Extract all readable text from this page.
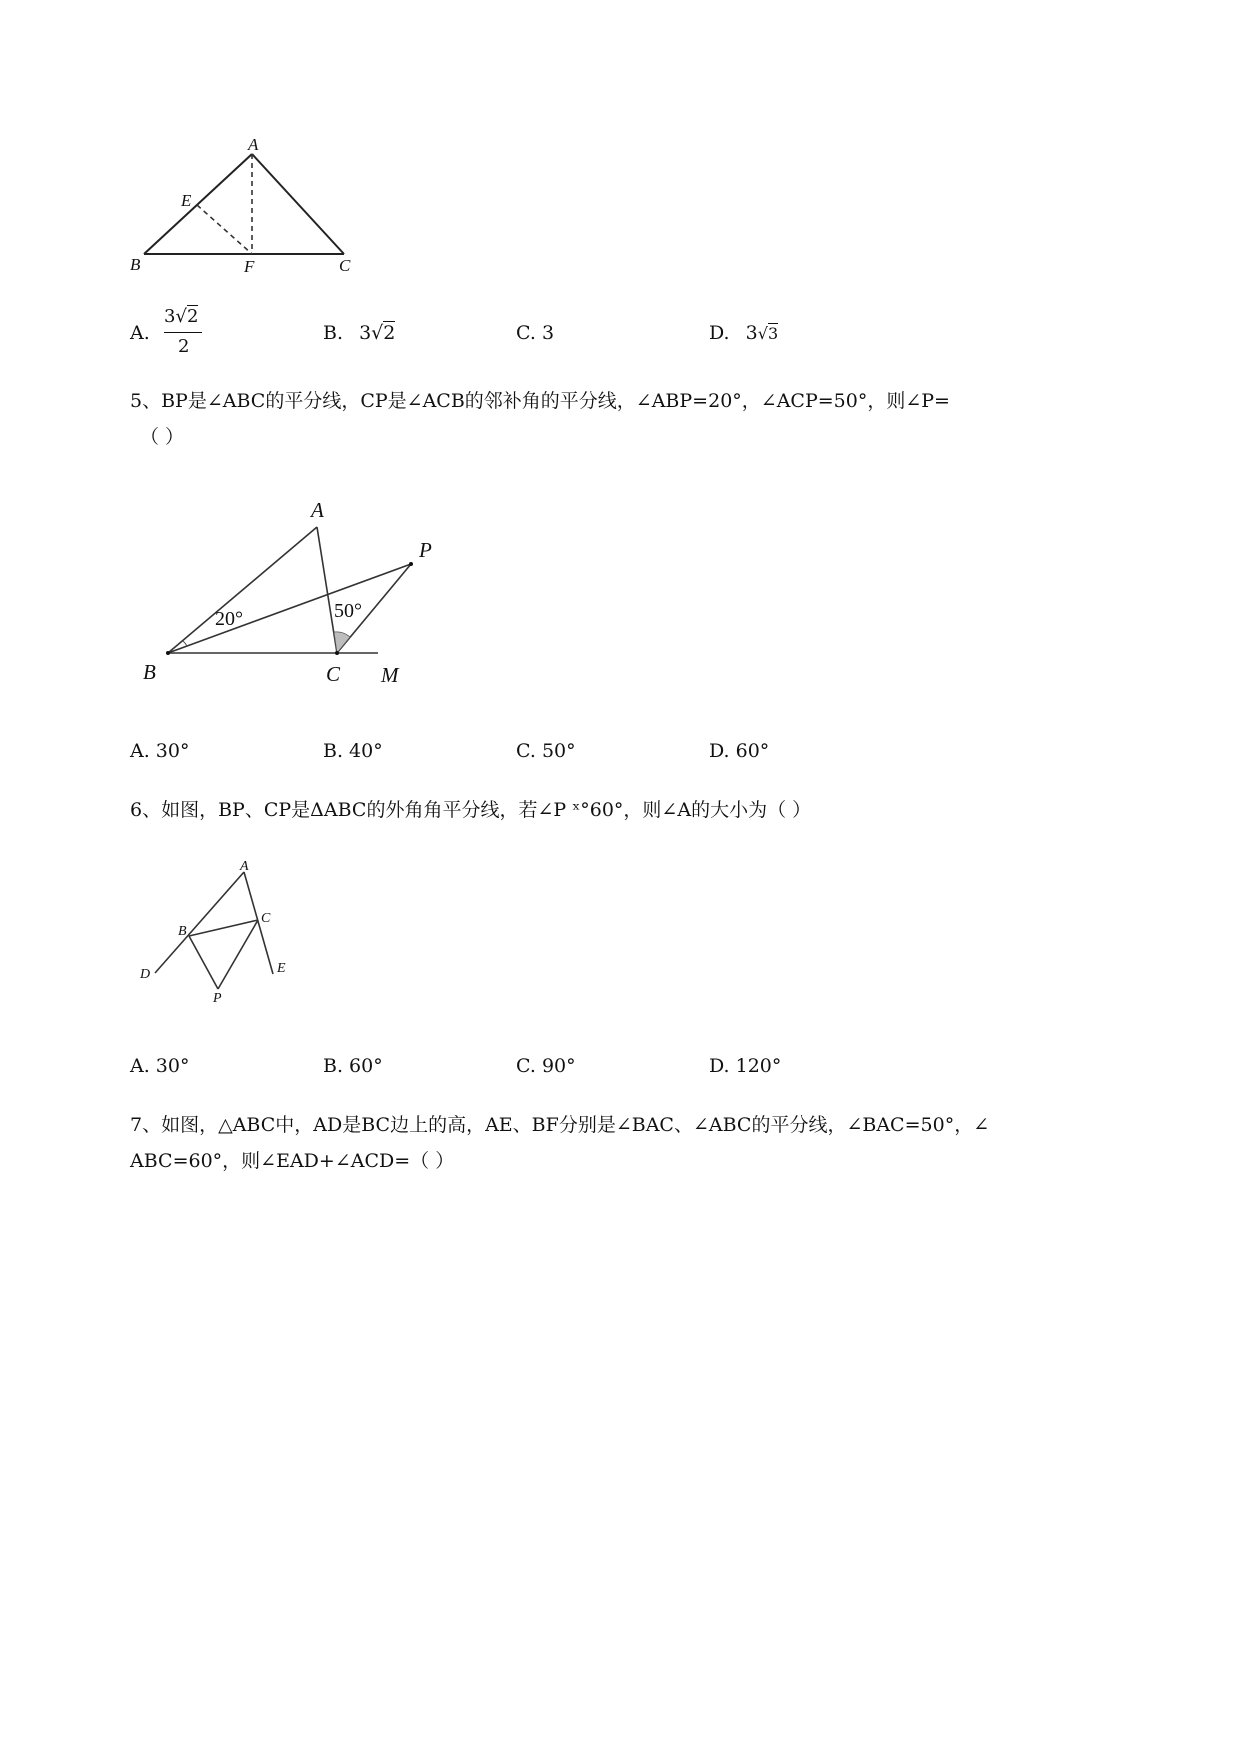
A
E
B	F	C
A.
3√2
2
B. 3√2	C. 3	D. 3√3
5、BP是∠ABC的平分线，CP是∠ACB的邻补角的平分线，∠ABP=20°，∠ACP=50°，则∠P=
（ ）
A
P
B	C M
20°	50°
A. 30°	B. 40°	C. 50°	D. 60°
6、如图，BP、CP是ΔABC的外角角平分线，若∠P ˣ°60°，则∠A的大小为（ ）
A
B
C
D	E
P
A. 30°	B. 60°	C. 90°	D. 120°
7、如图，△ABC中，AD是BC边上的高，AE、BF分别是∠BAC、∠ABC的平分线，∠BAC=50°，∠
ABC=60°，则∠EAD+∠ACD=（ ）
